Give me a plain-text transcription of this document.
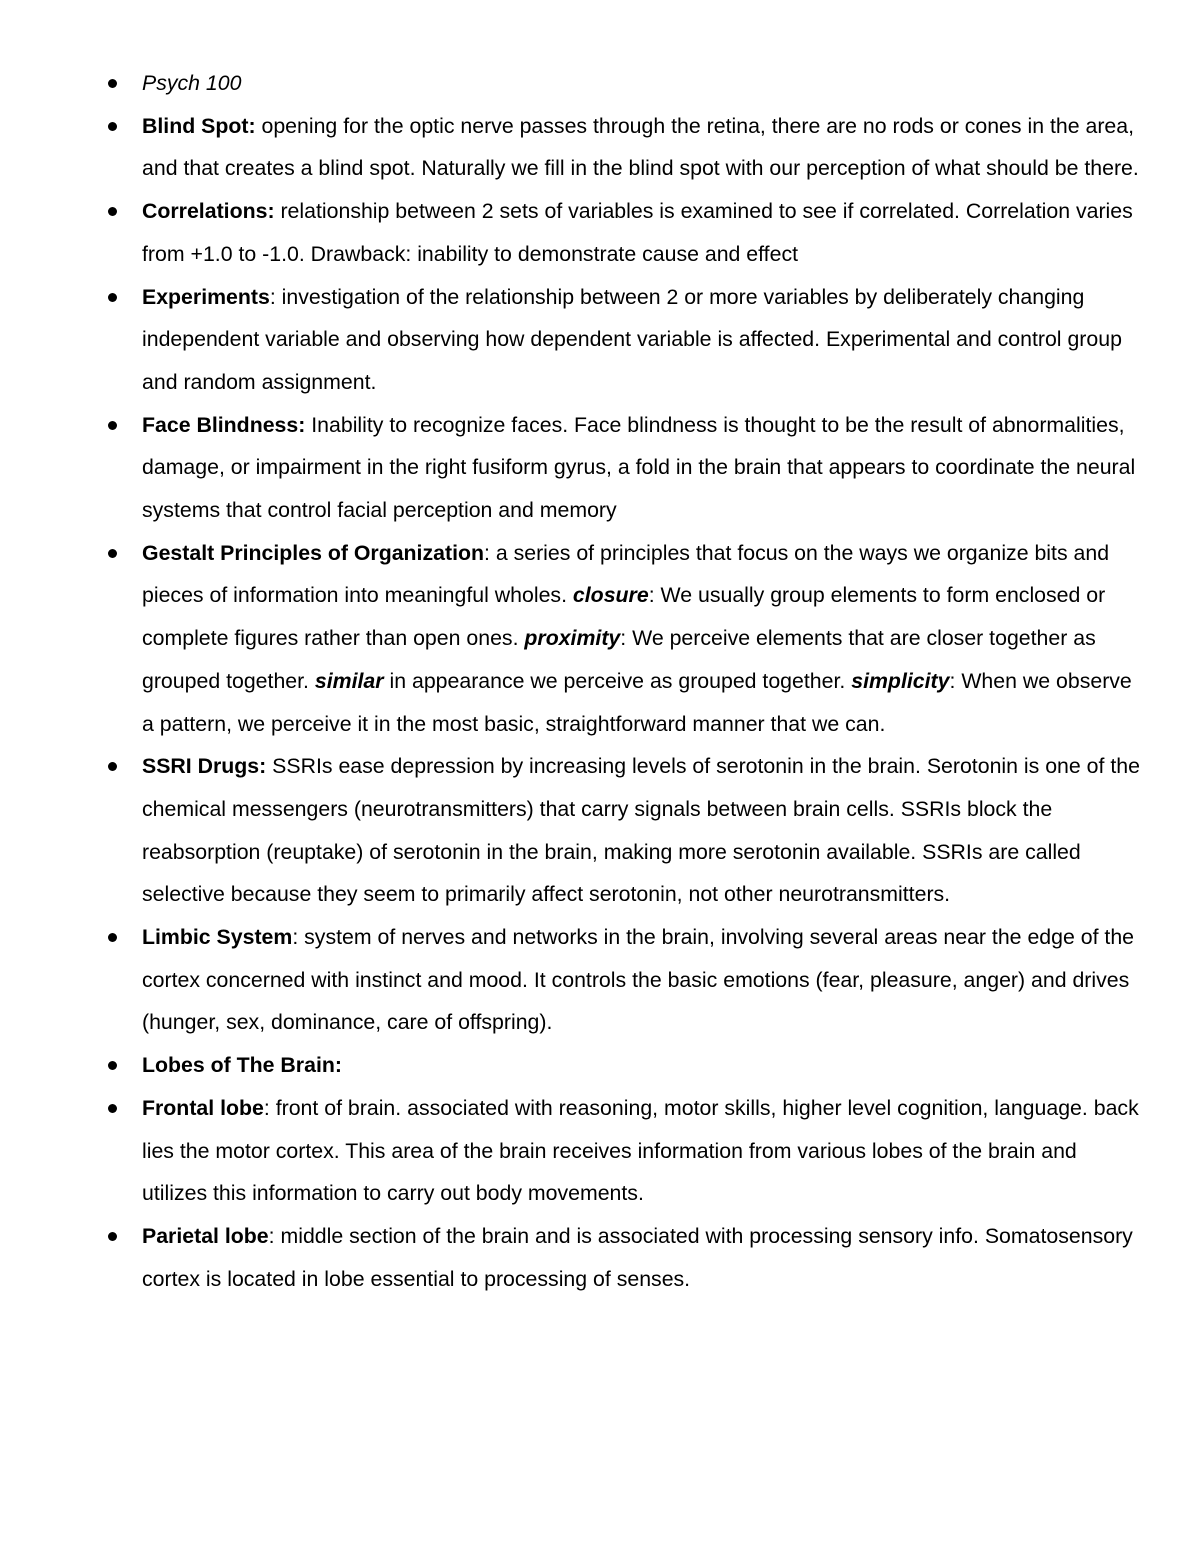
Psych 100
Blind Spot: opening for the optic nerve passes through the retina, there are no rods or cones in the area, and that creates a blind spot. Naturally we fill in the blind spot with our perception of what should be there.
Correlations: relationship between 2 sets of variables is examined to see if correlated. Correlation varies from +1.0 to -1.0. Drawback: inability to demonstrate cause and effect
Experiments: investigation of the relationship between 2 or more variables by deliberately changing independent variable and observing how dependent variable is affected. Experimental and control group and random assignment.
Face Blindness: Inability to recognize faces. Face blindness is thought to be the result of abnormalities, damage, or impairment in the right fusiform gyrus, a fold in the brain that appears to coordinate the neural systems that control facial perception and memory
Gestalt Principles of Organization: a series of principles that focus on the ways we organize bits and pieces of information into meaningful wholes. closure: We usually group elements to form enclosed or complete figures rather than open ones. proximity: We perceive elements that are closer together as grouped together. similar in appearance we perceive as grouped together. simplicity: When we observe a pattern, we perceive it in the most basic, straightforward manner that we can.
SSRI Drugs: SSRIs ease depression by increasing levels of serotonin in the brain. Serotonin is one of the chemical messengers (neurotransmitters) that carry signals between brain cells. SSRIs block the reabsorption (reuptake) of serotonin in the brain, making more serotonin available. SSRIs are called selective because they seem to primarily affect serotonin, not other neurotransmitters.
Limbic System: system of nerves and networks in the brain, involving several areas near the edge of the cortex concerned with instinct and mood. It controls the basic emotions (fear, pleasure, anger) and drives (hunger, sex, dominance, care of offspring).
Lobes of The Brain:
Frontal lobe: front of brain. associated with reasoning, motor skills, higher level cognition, language. back lies the motor cortex. This area of the brain receives information from various lobes of the brain and utilizes this information to carry out body movements.
Parietal lobe: middle section of the brain and is associated with processing sensory info. Somatosensory cortex is located in lobe essential to processing of senses.
